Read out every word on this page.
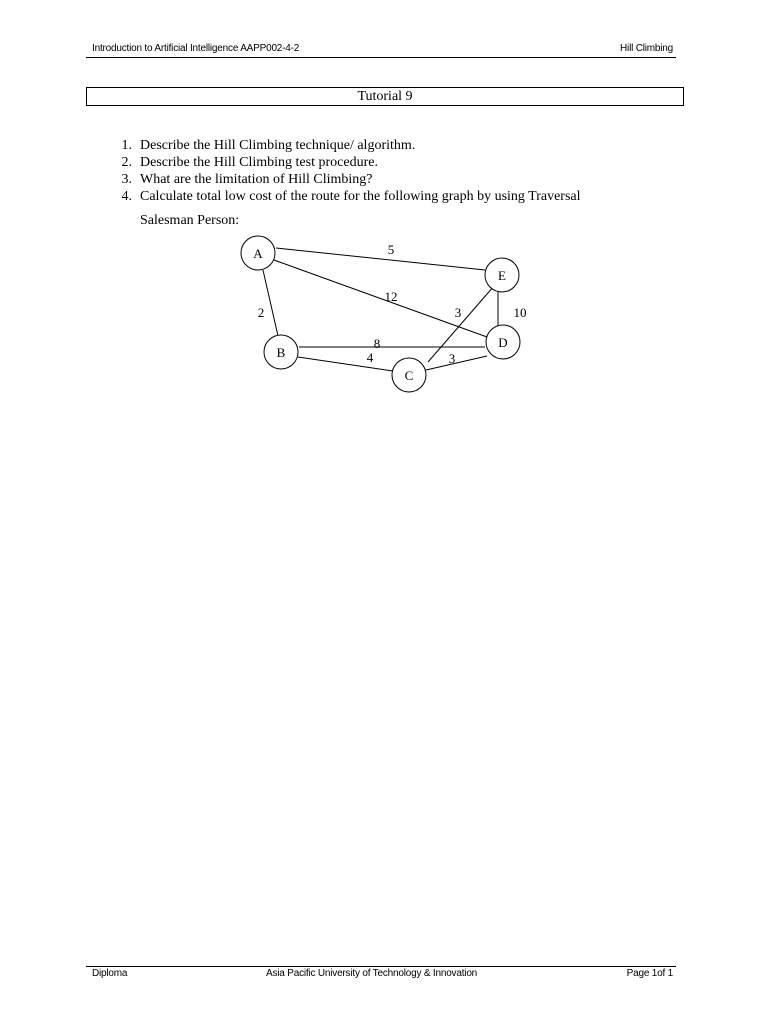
Introduction to Artificial Intelligence AAPP002-4-2	Hill Climbing
Tutorial 9
1. Describe the Hill Climbing technique/ algorithm.
2. Describe the Hill Climbing test procedure.
3. What are the limitation of Hill Climbing?
4. Calculate total low cost of the route for the following graph by using Traversal
Salesman Person:
A
E
B
D
C
5
12
2
8
4	3
3	10
Diploma	Asia Pacific University of Technology & Innovation	Page 1of 1
